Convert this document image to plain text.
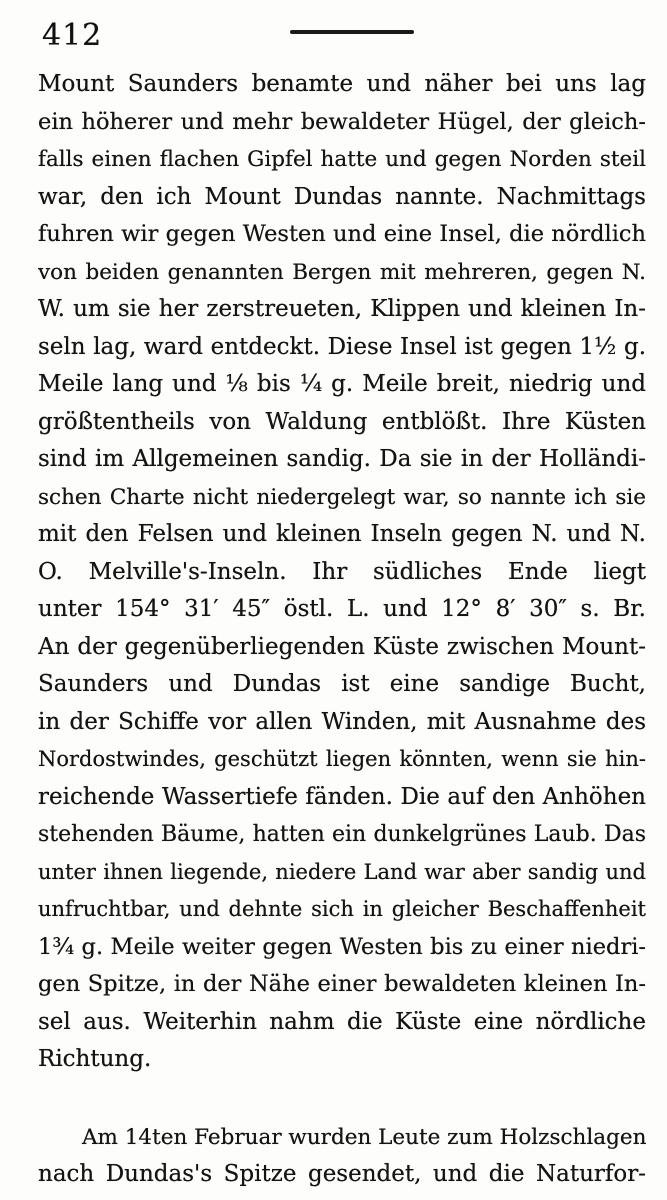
412
Mount Saunders benamte und näher bei uns lag
ein höherer und mehr bewaldeter Hügel, der gleich-
falls einen flachen Gipfel hatte und gegen Norden steil
war, den ich Mount Dundas nannte. Nachmittags
fuhren wir gegen Westen und eine Insel, die nördlich
von beiden genannten Bergen mit mehreren, gegen N.
W. um sie her zerstreueten, Klippen und kleinen In-
seln lag, ward entdeckt. Diese Insel ist gegen 1½ g.
Meile lang und ⅛ bis ¼ g. Meile breit, niedrig und
größtentheils von Waldung entblößt. Ihre Küsten
sind im Allgemeinen sandig. Da sie in der Holländi-
schen Charte nicht niedergelegt war, so nannte ich sie
mit den Felsen und kleinen Inseln gegen N. und N.
O. Melville's-Inseln. Ihr südliches Ende liegt
unter 154° 31′ 45″ östl. L. und 12° 8′ 30″ s. Br.
An der gegenüberliegenden Küste zwischen Mount-
Saunders und Dundas ist eine sandige Bucht,
in der Schiffe vor allen Winden, mit Ausnahme des
Nordostwindes, geschützt liegen könnten, wenn sie hin-
reichende Wassertiefe fänden. Die auf den Anhöhen
stehenden Bäume, hatten ein dunkelgrünes Laub. Das
unter ihnen liegende, niedere Land war aber sandig und
unfruchtbar, und dehnte sich in gleicher Beschaffenheit
1¾ g. Meile weiter gegen Westen bis zu einer niedri-
gen Spitze, in der Nähe einer bewaldeten kleinen In-
sel aus. Weiterhin nahm die Küste eine nördliche
Richtung.
Am 14ten Februar wurden Leute zum Holzschlagen
nach Dundas's Spitze gesendet, und die Naturfor-
